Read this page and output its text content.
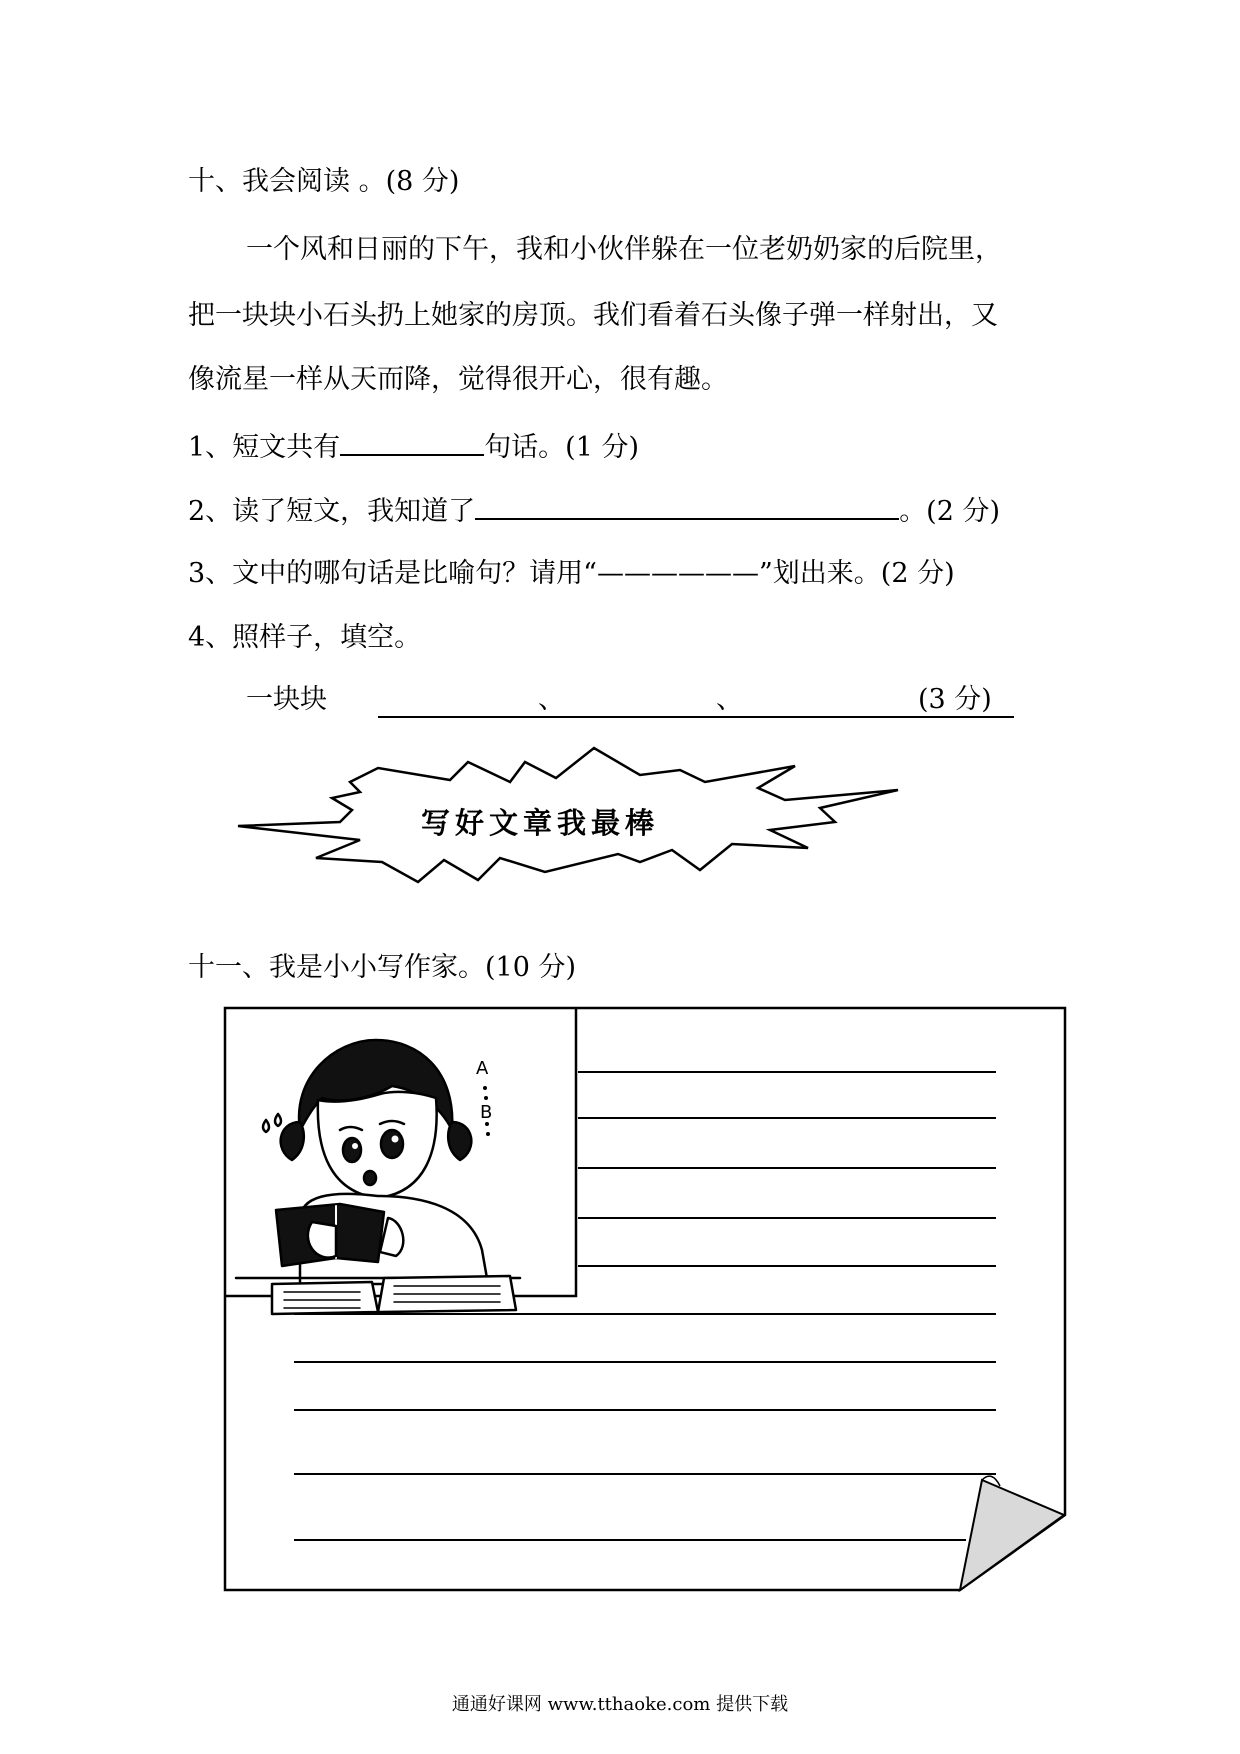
十、我会阅读 。(8 分)
一个风和日丽的下午，我和小伙伴躲在一位老奶奶家的后院里，
把一块块小石头扔上她家的房顶。我们看着石头像子弹一样射出，又
像流星一样从天而降，觉得很开心，很有趣。
1、短文共有	句话。(1 分)
2、读了短文，我知道了	。(2 分)
3、文中的哪句话是比喻句？请用“——————”划出来。(2 分)
4、照样子，填空。
一块块	、	、	(3 分)
写好文章我最棒
A
B
十一、我是小小写作家。(10 分)
通通好课网 www.tthaoke.com 提供下载
